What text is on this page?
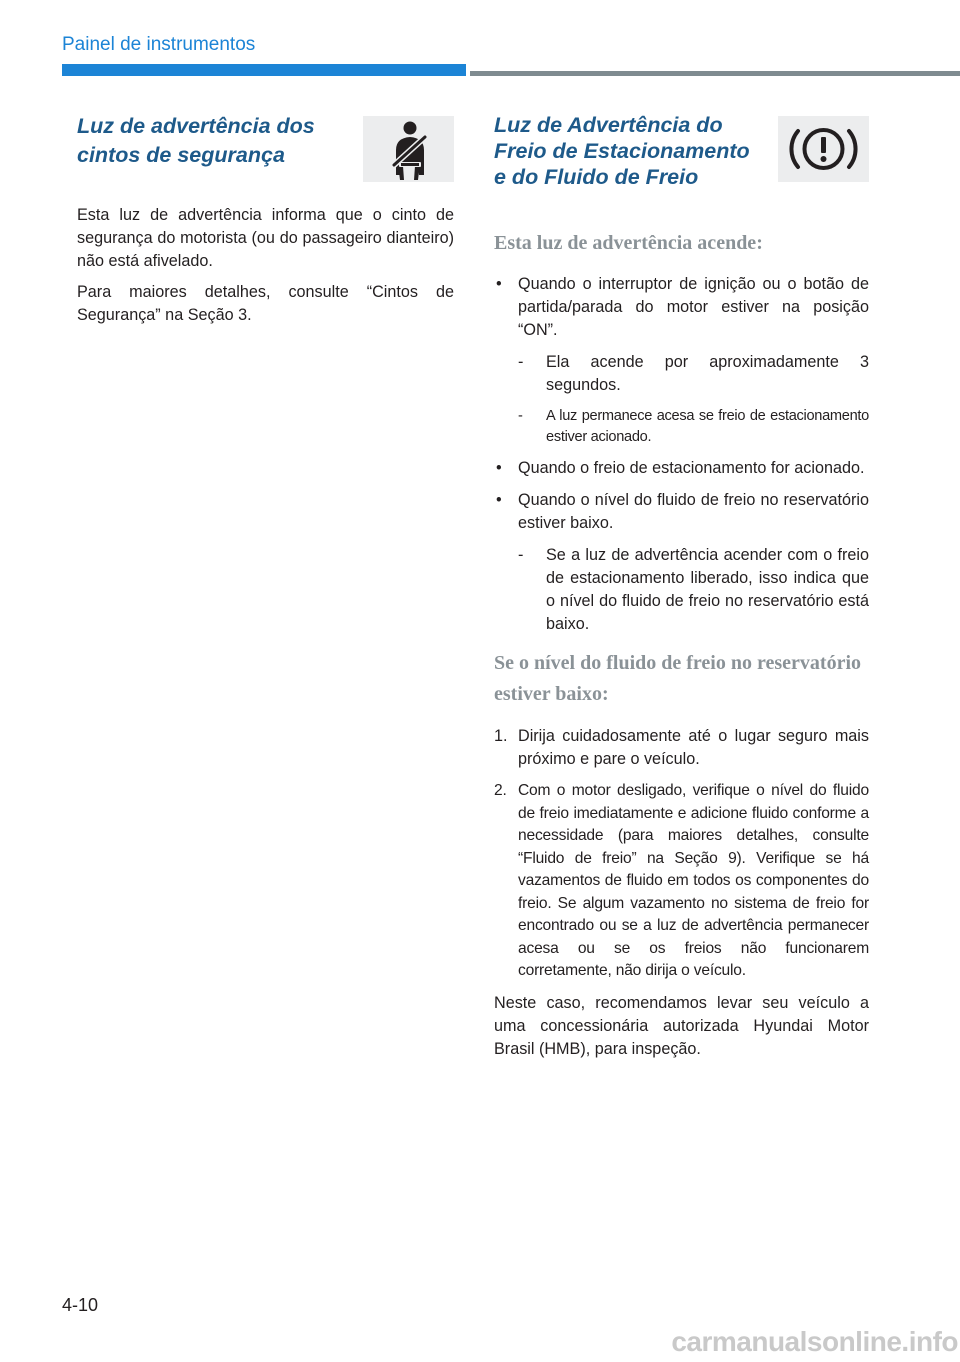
Painel de instrumentos
Luz de advertência dos cintos de segurança

Esta luz de advertência informa que o cinto de segurança do motorista (ou do passageiro dianteiro) não está afivelado.

Para maiores detalhes, consulte “Cintos de Segurança” na Seção 3.

Luz de Advertência do Freio de Estacionamento e do Fluido de Freio
Esta luz de advertência acende:
• Quando o interruptor de ignição ou o botão de partida/parada do motor estiver na posição “ON”.
- Ela acende por aproximadamente 3 segundos.
- A luz permanece acesa se freio de estacionamento estiver acionado.
• Quando o freio de estacionamento for acionado.
• Quando o nível do fluido de freio no reservatório estiver baixo.
- Se a luz de advertência acender com o freio de estacionamento liberado, isso indica que o nível do fluido de freio no reservatório está baixo.
Se o nível do fluido de freio no reservatório estiver baixo:
1. Dirija cuidadosamente até o lugar seguro mais próximo e pare o veículo.
2. Com o motor desligado, verifique o nível do fluido de freio imediatamente e adicione fluido conforme a necessidade (para maiores detalhes, consulte “Fluido de freio” na Seção 9). Verifique se há vazamentos de fluido em todos os componentes do freio. Se algum vazamento no sistema de freio for encontrado ou se a luz de advertência permanecer acesa ou se os freios não funcionarem corretamente, não dirija o veículo.

Neste caso, recomendamos levar seu veículo a uma concessionária autorizada Hyundai Motor Brasil (HMB), para inspeção.

4-10

carmanualsonline.info
